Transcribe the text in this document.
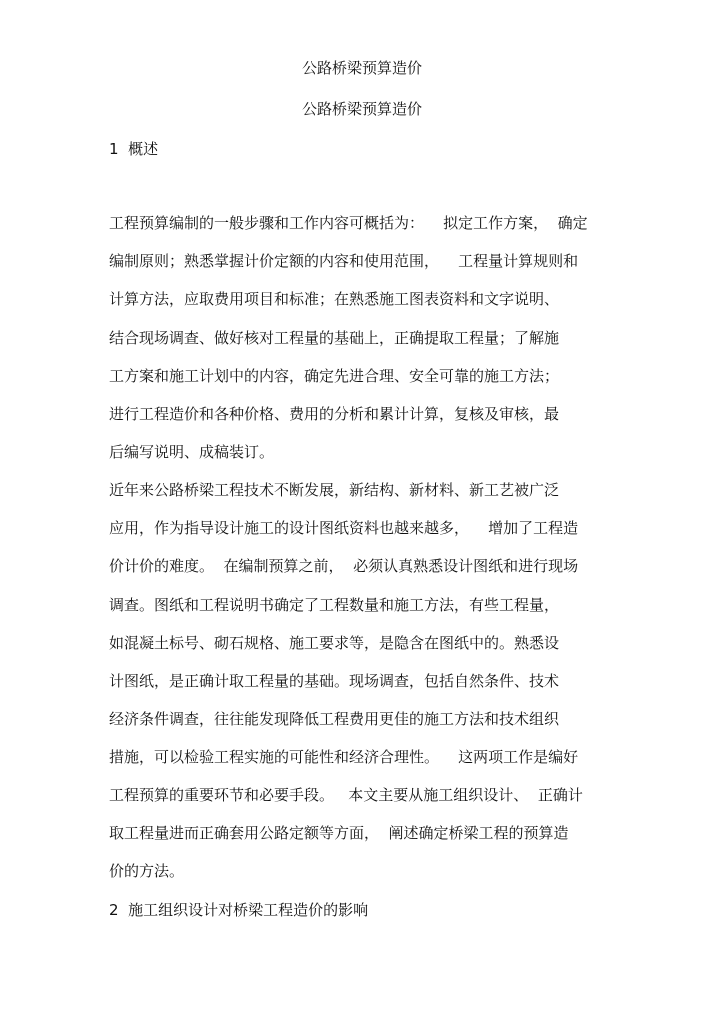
公路桥梁预算造价
公路桥梁预算造价
1  概述
工程预算编制的一般步骤和工作内容可概括为：    拟定工作方案，  确定
编制原则；熟悉掌握计价定额的内容和使用范围，    工程量计算规则和
计算方法，应取费用项目和标准；在熟悉施工图表资料和文字说明、
结合现场调查、做好核对工程量的基础上，正确提取工程量；了解施
工方案和施工计划中的内容，确定先进合理、安全可靠的施工方法；
进行工程造价和各种价格、费用的分析和累计计算，复核及审核，最
后编写说明、成稿装订。
近年来公路桥梁工程技术不断发展，新结构、新材料、新工艺被广泛
应用，作为指导设计施工的设计图纸资料也越来越多，    增加了工程造
价计价的难度。  在编制预算之前，  必须认真熟悉设计图纸和进行现场
调查。图纸和工程说明书确定了工程数量和施工方法，有些工程量，
如混凝土标号、砌石规格、施工要求等，是隐含在图纸中的。熟悉设
计图纸，是正确计取工程量的基础。现场调查，包括自然条件、技术
经济条件调查，往往能发现降低工程费用更佳的施工方法和技术组织
措施，可以检验工程实施的可能性和经济合理性。    这两项工作是编好
工程预算的重要环节和必要手段。   本文主要从施工组织设计、  正确计
取工程量进而正确套用公路定额等方面，  阐述确定桥梁工程的预算造
价的方法。
2  施工组织设计对桥梁工程造价的影响
